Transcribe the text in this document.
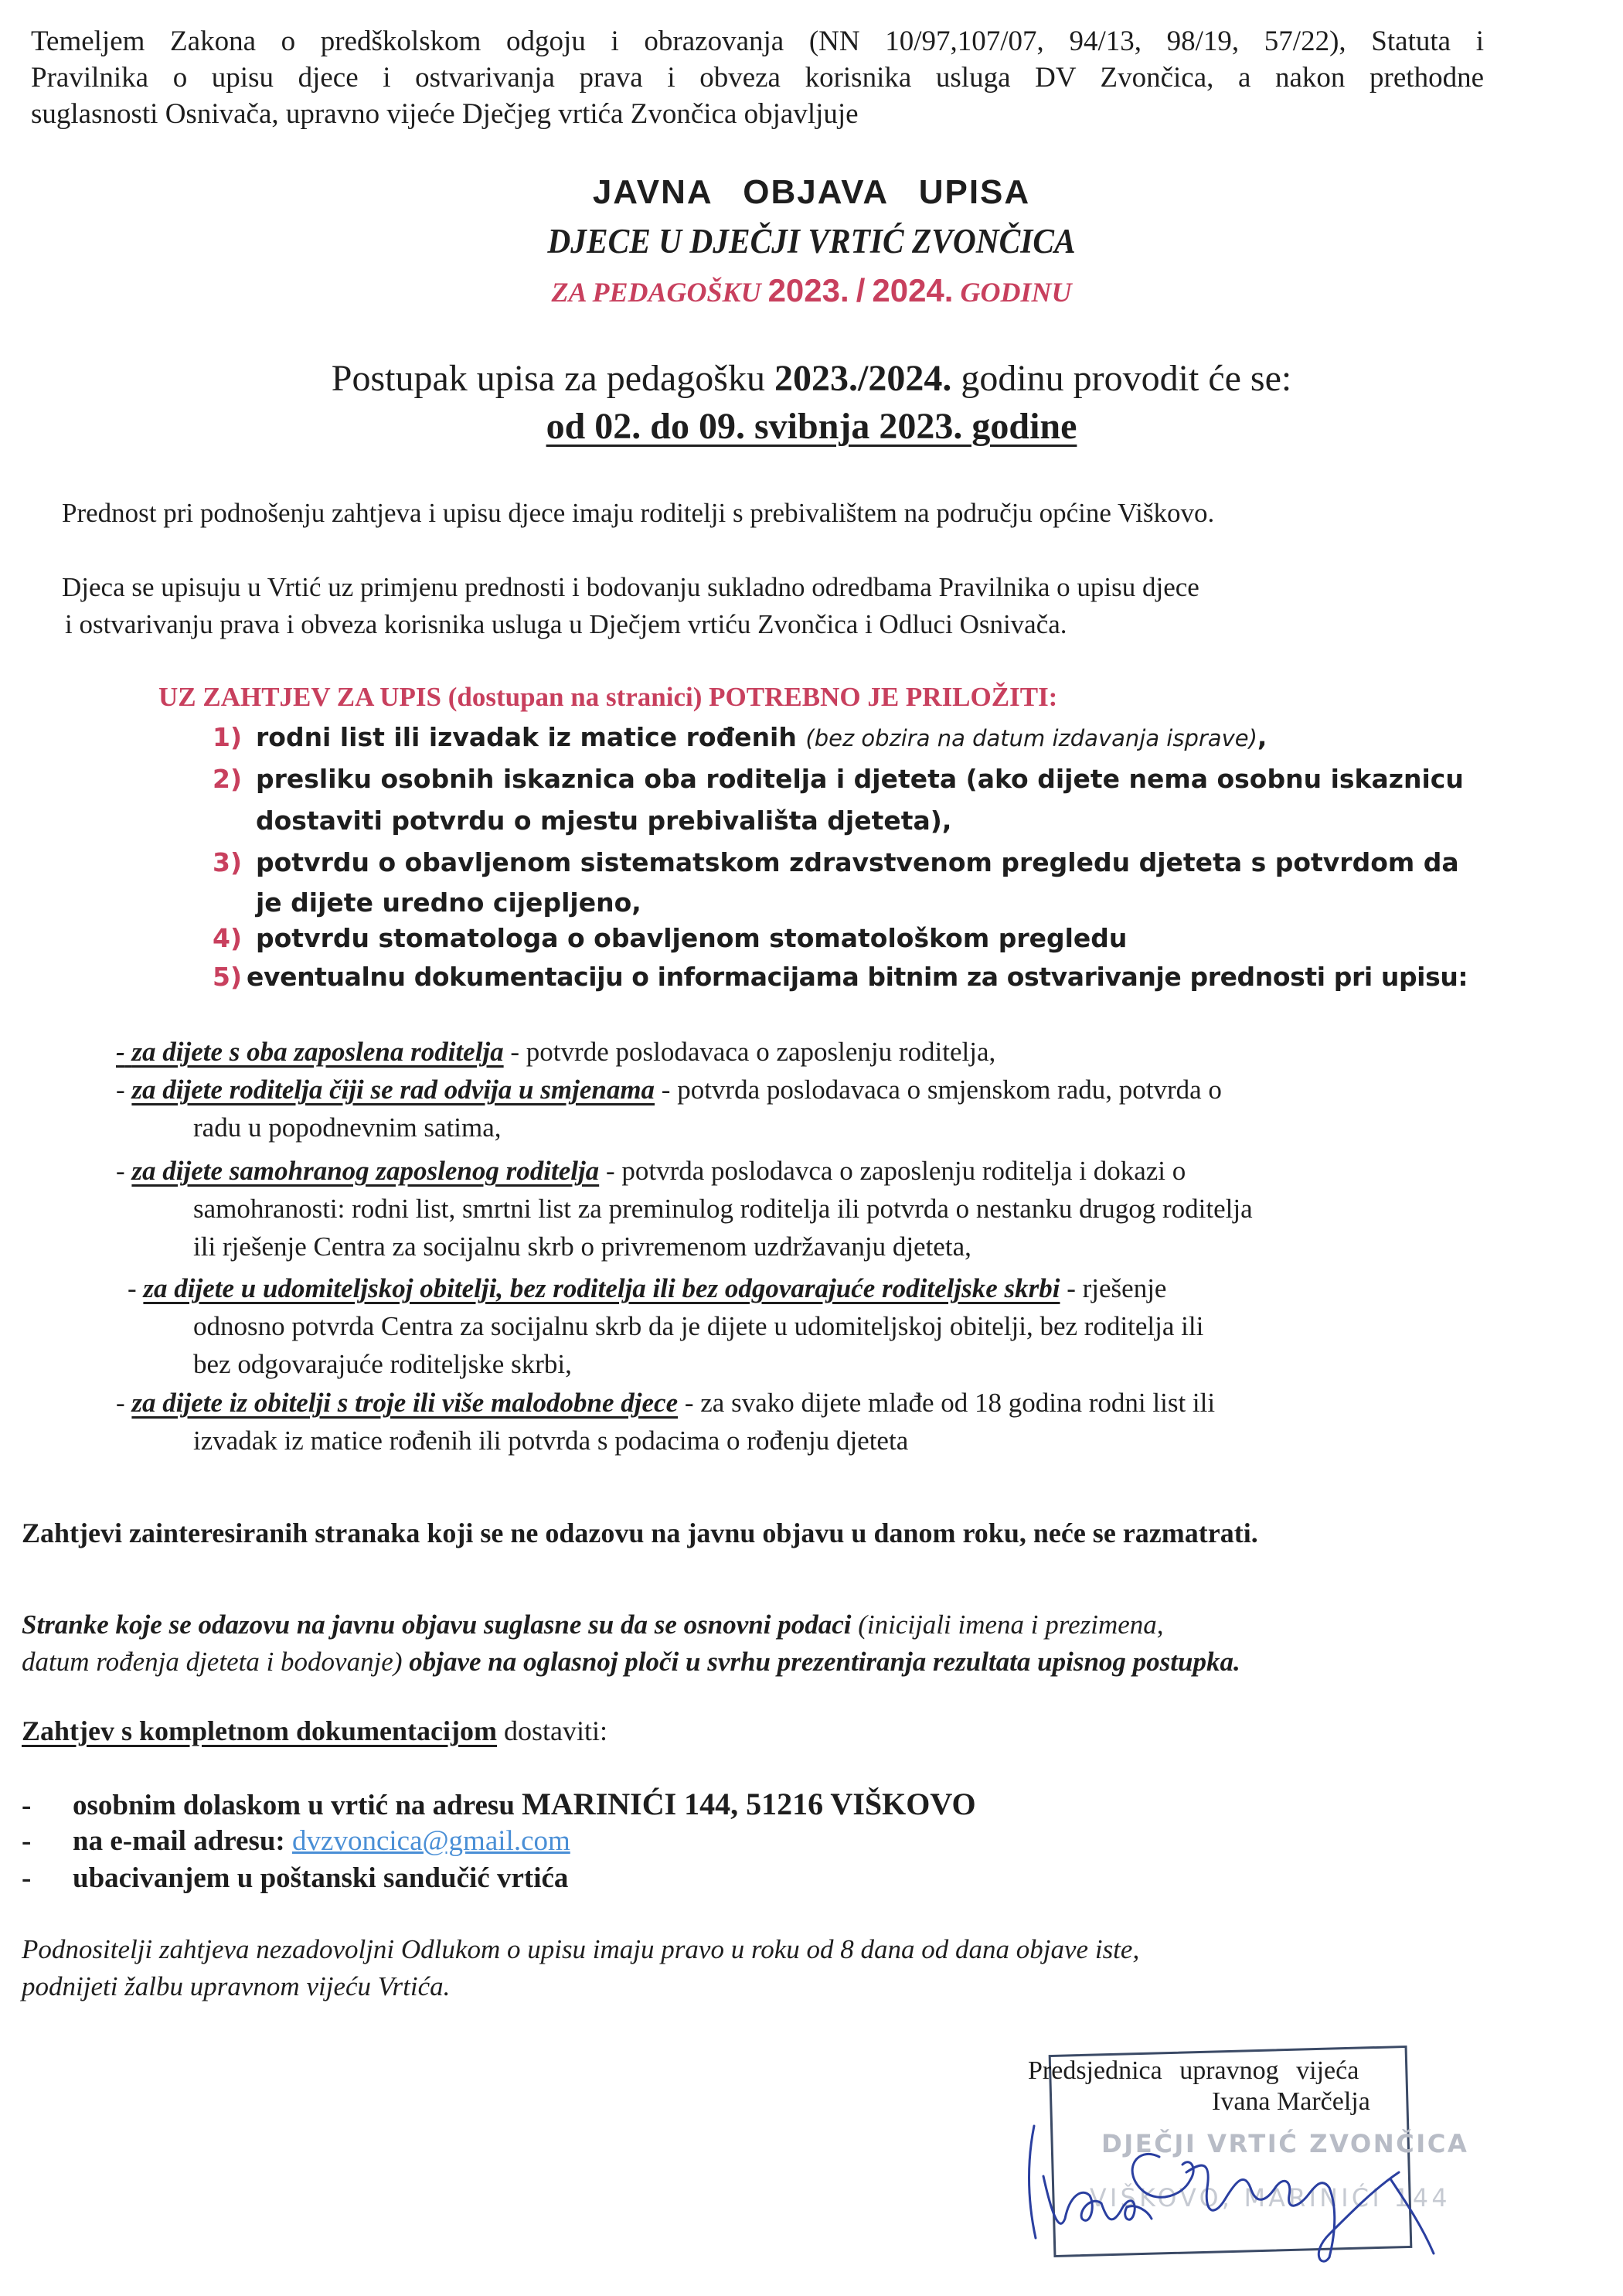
Temeljem Zakona o predškolskom odgoju i obrazovanja (NN 10/97,107/07, 94/13, 98/19, 57/22), Statuta i
Pravilnika o upisu djece i ostvarivanja prava i obveza korisnika usluga DV Zvončica, a nakon prethodne
suglasnosti Osnivača, upravno vijeće Dječjeg vrtića Zvončica objavljuje
JAVNA OBJAVA UPISA
DJECE U DJEČJI VRTIĆ ZVONČICA
ZA PEDAGOŠKU 2023. / 2024. GODINU
Postupak upisa za pedagošku 2023./2024. godinu provodit će se:
od 02. do 09. svibnja 2023. godine
Prednost pri podnošenju zahtjeva i upisu djece imaju roditelji s prebivalištem na području općine Viškovo.
Djeca se upisuju u Vrtić uz primjenu prednosti i bodovanju sukladno odredbama Pravilnika o upisu djece
i ostvarivanju prava i obveza korisnika usluga u Dječjem vrtiću Zvončica i Odluci Osnivača.
UZ ZAHTJEV ZA UPIS (dostupan na stranici) POTREBNO JE PRILOŽITI:
1) rodni list ili izvadak iz matice rođenih (bez obzira na datum izdavanja isprave),
2) presliku osobnih iskaznica oba roditelja i djeteta (ako dijete nema osobnu iskaznicu
dostaviti potvrdu o mjestu prebivališta djeteta),
3) potvrdu o obavljenom sistematskom zdravstvenom pregledu djeteta s potvrdom da
je dijete uredno cijepljeno,
4) potvrdu stomatologa o obavljenom stomatološkom pregledu
5) eventualnu dokumentaciju o informacijama bitnim za ostvarivanje prednosti pri upisu:
- za dijete s oba zaposlena roditelja - potvrde poslodavaca o zaposlenju roditelja,
- za dijete roditelja čiji se rad odvija u smjenama - potvrda poslodavaca o smjenskom radu, potvrda o
radu u popodnevnim satima,
- za dijete samohranog zaposlenog roditelja - potvrda poslodavca o zaposlenju roditelja i dokazi o
samohranosti: rodni list, smrtni list za preminulog roditelja ili potvrda o nestanku drugog roditelja
ili rješenje Centra za socijalnu skrb o privremenom uzdržavanju djeteta,
- za dijete u udomiteljskoj obitelji, bez roditelja ili bez odgovarajuće roditeljske skrbi - rješenje
odnosno potvrda Centra za socijalnu skrb da je dijete u udomiteljskoj obitelji, bez roditelja ili
bez odgovarajuće roditeljske skrbi,
- za dijete iz obitelji s troje ili više malodobne djece - za svako dijete mlađe od 18 godina rodni list ili
izvadak iz matice rođenih ili potvrda s podacima o rođenju djeteta
Zahtjevi zainteresiranih stranaka koji se ne odazovu na javnu objavu u danom roku, neće se razmatrati.
Stranke koje se odazovu na javnu objavu suglasne su da se osnovni podaci (inicijali imena i prezimena,
datum rođenja djeteta i bodovanje) objave na oglasnoj ploči u svrhu prezentiranja rezultata upisnog postupka.
Zahtjev s kompletnom dokumentacijom dostaviti:
- osobnim dolaskom u vrtić na adresu MARINIĆI 144, 51216 VIŠKOVO
- na e-mail adresu: dvzvoncica@gmail.com
- ubacivanjem u poštanski sandučić vrtića
Podnositelji zahtjeva nezadovoljni Odlukom o upisu imaju pravo u roku od 8 dana od dana objave iste,
podnijeti žalbu upravnom vijeću Vrtića.
DJEČJI VRTIĆ ZVONČICA
VIŠKOVO, MARINIĆI 144
Predsjednica upravnog vijeća
Ivana Marčelja
